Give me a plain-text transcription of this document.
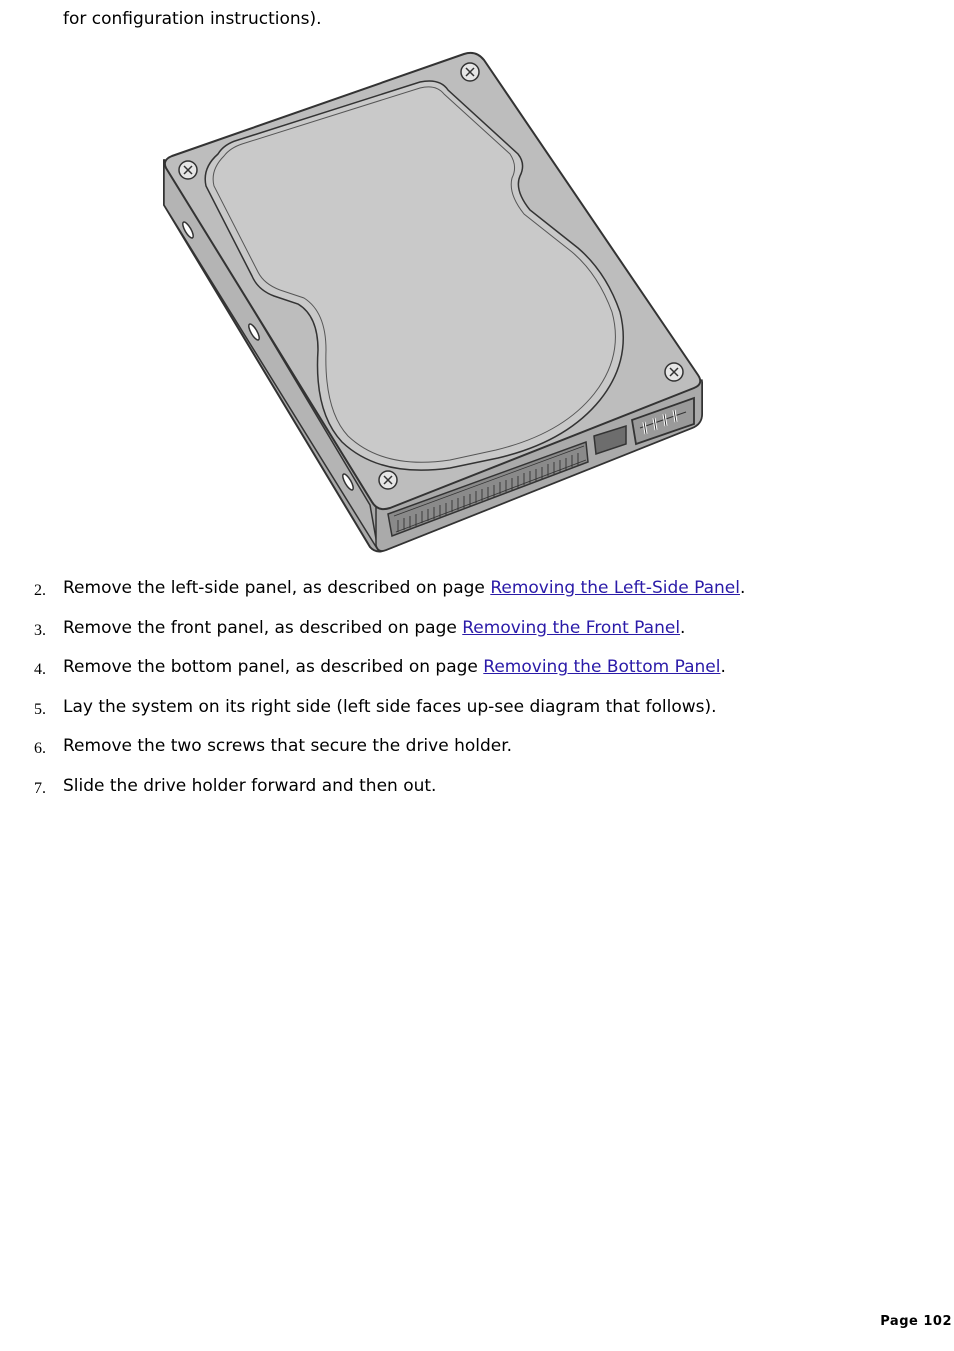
for configuration instructions).
2. Remove the left-side panel, as described on page Removing the Left-Side Panel.
3. Remove the front panel, as described on page Removing the Front Panel.
4. Remove the bottom panel, as described on page Removing the Bottom Panel.
5. Lay the system on its right side (left side faces up-see diagram that follows).
6. Remove the two screws that secure the drive holder.
7. Slide the drive holder forward and then out.
Page 102
